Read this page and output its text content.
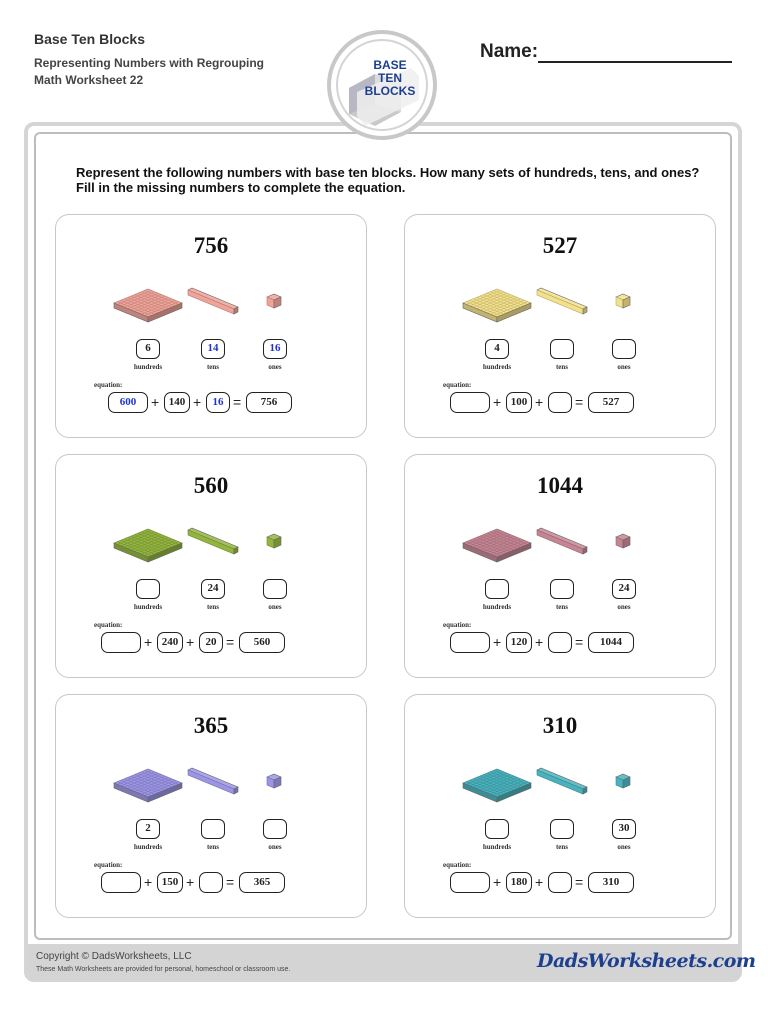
Base Ten Blocks
Representing Numbers with Regrouping
Math Worksheet 22
Name:
BASE
TEN
BLOCKS
Represent the following numbers with base ten blocks. How many sets of hundreds, tens, and ones? Fill in the missing numbers to complete the equation.
756
6
hundreds
14
tens
16
ones
equation:
600	+ 140 +	16 =	756
527
4
hundreds	tens	ones
equation:
+ 100 + =	527
560
hundreds
24
tens	ones
equation:
+ 240 +	20 =	560
1044
hundreds	tens
24
ones
equation:
+ 120 + =	1044
365
2
hundreds	tens	ones
equation:
+ 150 + =	365
310
hundreds	tens
30
ones
equation:
+ 180 + =	310
Copyright © DadsWorksheets, LLC
These Math Worksheets are provided for personal, homeschool or classroom use.	DadsWorksheets.com
